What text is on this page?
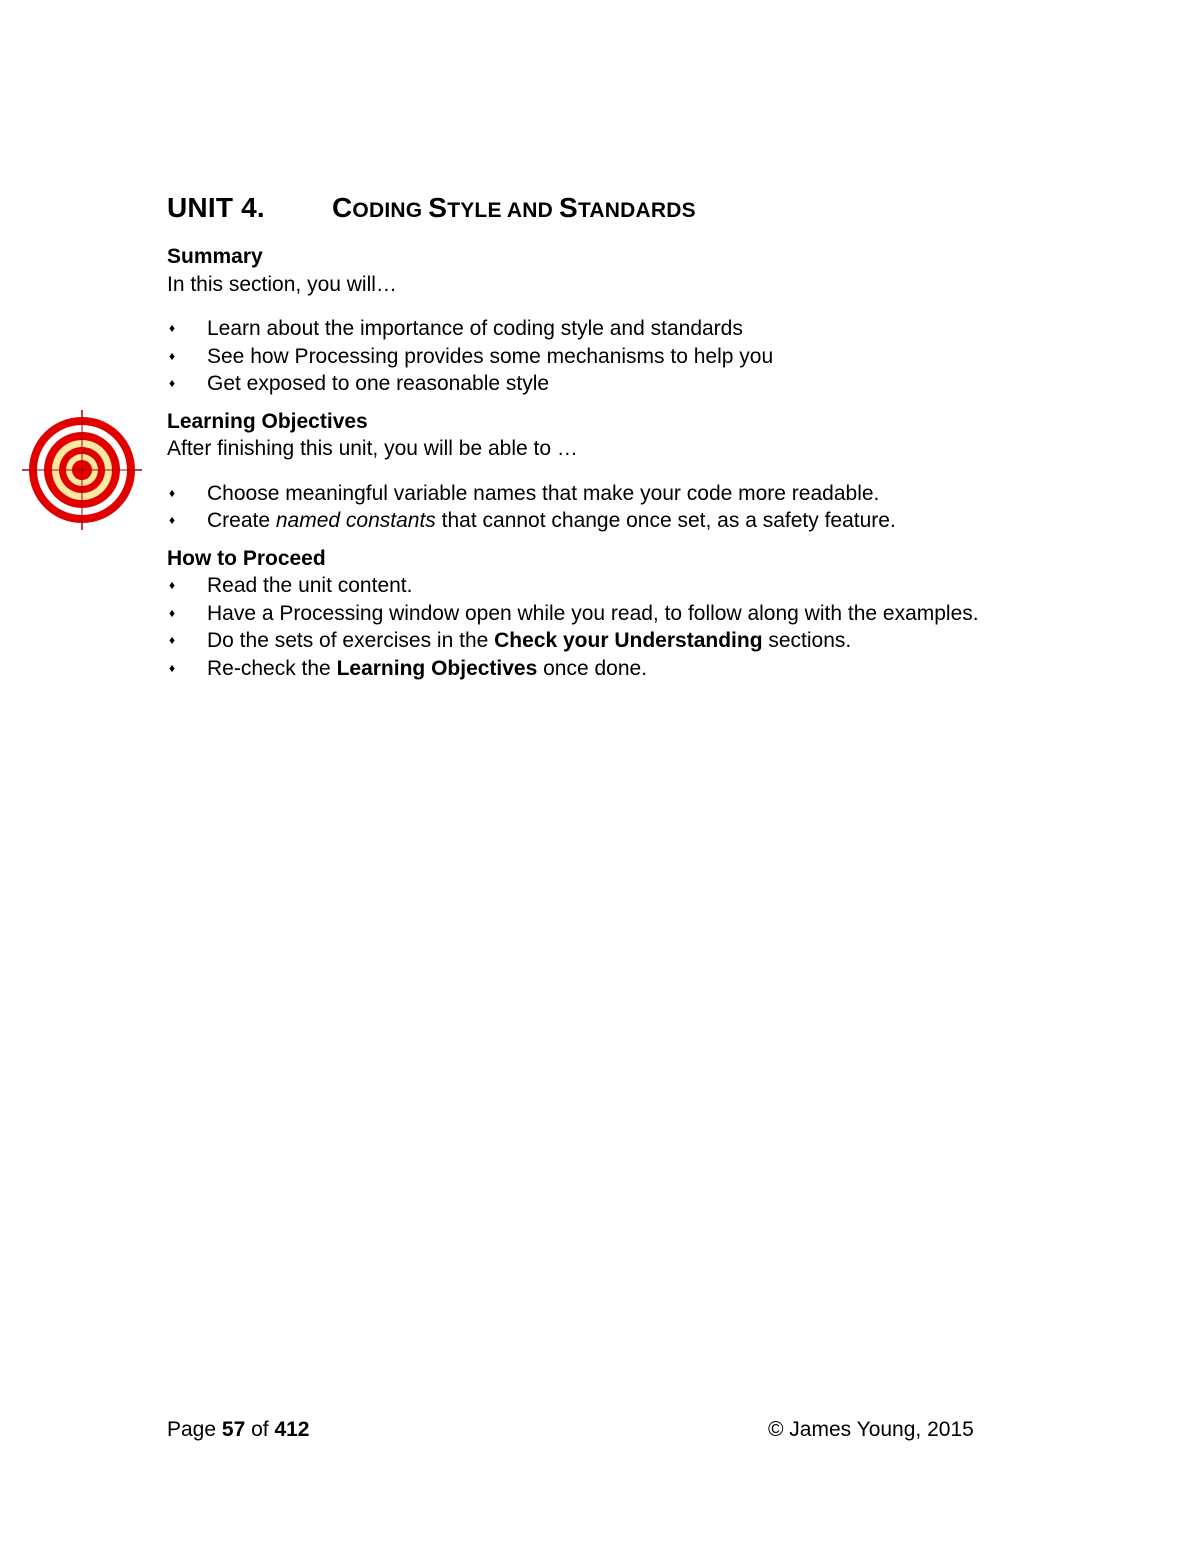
UNIT 4. CODING STYLE AND STANDARDS
Summary
In this section, you will…
♦ Learn about the importance of coding style and standards
♦ See how Processing provides some mechanisms to help you
♦ Get exposed to one reasonable style
Learning Objectives
After finishing this unit, you will be able to …
♦ Choose meaningful variable names that make your code more readable.
♦ Create named constants that cannot change once set, as a safety feature.
How to Proceed
♦ Read the unit content.
♦ Have a Processing window open while you read, to follow along with the examples.
♦ Do the sets of exercises in the Check your Understanding sections.
♦ Re-check the Learning Objectives once done.
Page 57 of 412	© James Young, 2015
